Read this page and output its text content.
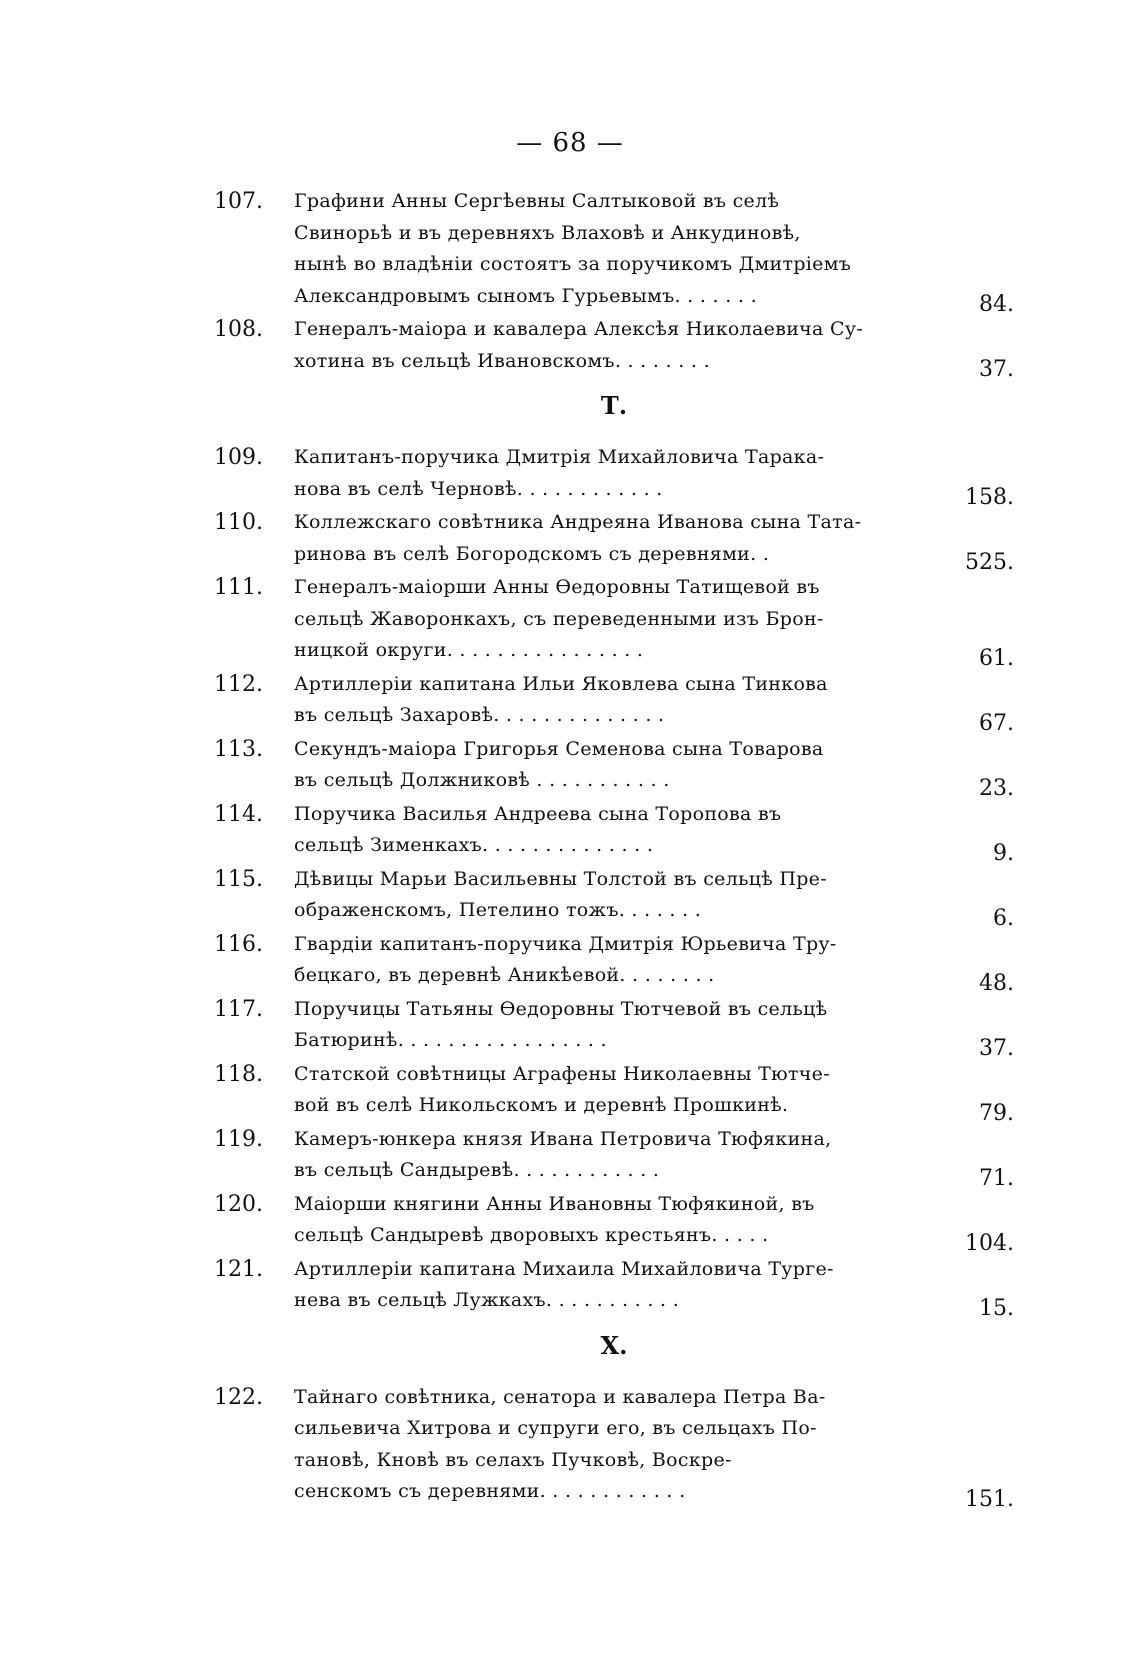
— 68 —
107.	Графини Анны Сергѣевны Салтыковой въ селѣ
Свинорьѣ и въ деревняхъ Влаховѣ и Анкудиновѣ,
нынѣ во владѣніи состоятъ за поручикомъ Дмитріемъ
Александровымъ сыномъ Гурьевымъ. . . . . . .	84.
108.	Генералъ-маіора и кавалера Алексѣя Николаевича Су-
хотина въ сельцѣ Ивановскомъ. . . . . . . .	37.
Т.
109.	Капитанъ-поручика Дмитрія Михайловича Таракa-
нова въ селѣ Черновѣ. . . . . . . . . . . .	158.
110.	Коллежскаго совѣтника Андреяна Иванова сына Тата-
ринова въ селѣ Богородскомъ съ деревнями. .	525.
111.	Генералъ-маіорши Анны Ѳедоровны Татищевой въ
сельцѣ Жаворонкахъ, съ переведенными изъ Брон-
ницкой округи. . . . . . . . . . . . . . . .	61.
112.	Артиллеріи капитана Ильи Яковлева сына Тинкова
въ сельцѣ Захаровѣ. . . . . . . . . . . . . .	67.
113.	Секундъ-маіора Григорья Семенова сына Товарова
въ сельцѣ Должниковѣ . . . . . . . . . . .	23.
114.	Поручика Василья Андреева сына Торопова въ
сельцѣ Зименкахъ. . . . . . . . . . . . . .	9.
115.	Дѣвицы Марьи Васильевны Толстой въ сельцѣ Пре-
ображенскомъ, Петелино тожъ. . . . . . .	6.
116.	Гвардіи капитанъ-поручика Дмитрія Юрьевича Тру-
бецкаго, въ деревнѣ Аникѣевой. . . . . . . .	48.
117.	Поручицы Татьяны Ѳедоровны Тютчевой въ сельцѣ
Батюринѣ. . . . . . . . . . . . . . . . .	37.
118.	Статской совѣтницы Аграфены Николаевны Тютче-
вой въ селѣ Никольскомъ и деревнѣ Прошкинѣ.	79.
119.	Камеръ-юнкера князя Ивана Петровича Тюфякина,
въ сельцѣ Сандыревѣ. . . . . . . . . . . .	71.
120.	Маіорши княгини Анны Ивановны Тюфякиной, въ
сельцѣ Сандыревѣ дворовыхъ крестьянъ. . . . .	104.
121.	Артиллеріи капитана Михаила Михайловича Турге-
нева въ сельцѣ Лужкахъ. . . . . . . . . . .	15.
Х.
122.	Тайнаго совѣтника, сенатора и кавалера Петра Ва-
сильевича Хитрова и супруги его, въ сельцахъ По-
тановѣ, Кновѣ въ селахъ Пучковѣ, Воскре-
сенскомъ съ деревнями. . . . . . . . . . . .	151.
